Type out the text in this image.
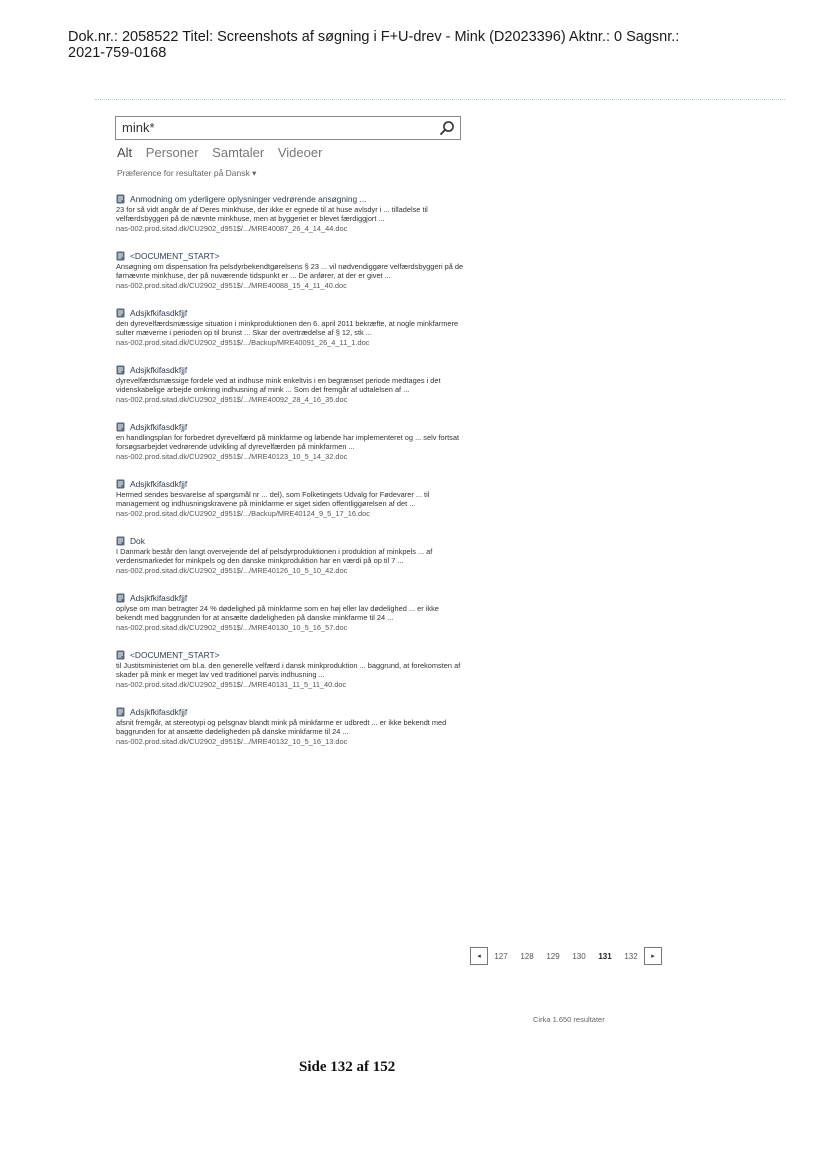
Dok.nr.: 2058522 Titel: Screenshots af søgning i F+U-drev - Mink (D2023396) Aktnr.: 0 Sagsnr.:
2021-759-0168
mink*
Alt Personer Samtaler Videoer
Præference for resultater på Dansk ▾
Anmodning om yderligere oplysninger vedrørende ansøgning ...
23 for så vidt angår de af Deres minkhuse, der ikke er egnede til at huse avlsdyr i ... tilladelse til velfærdsbyggeri på de nævnte minkhuse, men at byggeriet er blevet færdiggjort ...
nas-002.prod.sitad.dk/CU2902_d951$/.../MRE40087_26_4_14_44.doc
<DOCUMENT_START>
Ansøgning om dispensation fra pelsdyrbekendtgørelsens § 23 ... vil nødvendiggøre velfærdsbyggeri på de førnævnte minkhuse, der på nuværende tidspunkt er ... De anfører, at der er givet ...
nas-002.prod.sitad.dk/CU2902_d951$/.../MRE40088_15_4_11_40.doc
Adsjkfkifasdkfjjf
den dyrevelfærdsmæssige situation i minkproduktionen den 6. april 2011 bekræfte, at nogle minkfarmere sulter mæverne i perioden op til brunst ... Skar der overtrædelse af § 12, stk ...
nas-002.prod.sitad.dk/CU2902_d951$/.../Backup/MRE40091_26_4_11_1.doc
Adsjkfkifasdkfjjf
dyrevelfærdsmæssige fordele ved at indhuse mink enkeltvis i en begrænset periode medtages i det videnskabelige arbejde omkring indhusning af mink ... Som det fremgår af udtalelsen af ...
nas-002.prod.sitad.dk/CU2902_d951$/.../MRE40092_28_4_16_35.doc
Adsjkfkifasdkfjjf
en handlingsplan for forbedret dyrevelfærd på minkfarme og løbende har implementeret og ... selv fortsat forsøgsarbejdet vedrørende udvikling af dyrevelfærden på minkfarmen ...
nas-002.prod.sitad.dk/CU2902_d951$/.../MRE40123_10_5_14_32.doc
Adsjkfkifasdkfjjf
Hermed sendes besvarelse af spørgsmål nr ... del), som Folketingets Udvalg for Fødevarer ... til management og indhusningskravene på minkfarme er siget siden offentliggørelsen af det ...
nas-002.prod.sitad.dk/CU2902_d951$/.../Backup/MRE40124_9_5_17_16.doc
Dok
I Danmark består den langt overvejende del af pelsdyrproduktionen i produktion af minkpels ... af verdensmarkedet for minkpels og den danske minkproduktion har en værdi på op til 7 ...
nas-002.prod.sitad.dk/CU2902_d951$/.../MRE40126_10_5_10_42.doc
Adsjkfkifasdkfjjf
oplyse om man betragter 24 % dødelighed på minkfarme som en høj eller lav dødelighed ... er ikke bekendt med baggrunden for at ansætte dødeligheden på danske minkfarme til 24 ...
nas-002.prod.sitad.dk/CU2902_d951$/.../MRE40130_10_5_16_57.doc
<DOCUMENT_START>
til Justitsministeriet om bl.a. den generelle velfærd i dansk minkproduktion ... baggrund, at forekomsten af skader på mink er meget lav ved traditionel parvis indhusning ...
nas-002.prod.sitad.dk/CU2902_d951$/.../MRE40131_11_5_11_40.doc
Adsjkfkifasdkfjjf
afsnit fremgår, at stereotypi og pelsgnav blandt mink på minkfarme er udbredt ... er ikke bekendt med baggrunden for at ansætte dødeligheden på danske minkfarme til 24 ...
nas-002.prod.sitad.dk/CU2902_d951$/.../MRE40132_10_5_16_13.doc
◂	127	128	129	130	131	132	▸
Cirka 1.650 resultater
Side 132 af 152
